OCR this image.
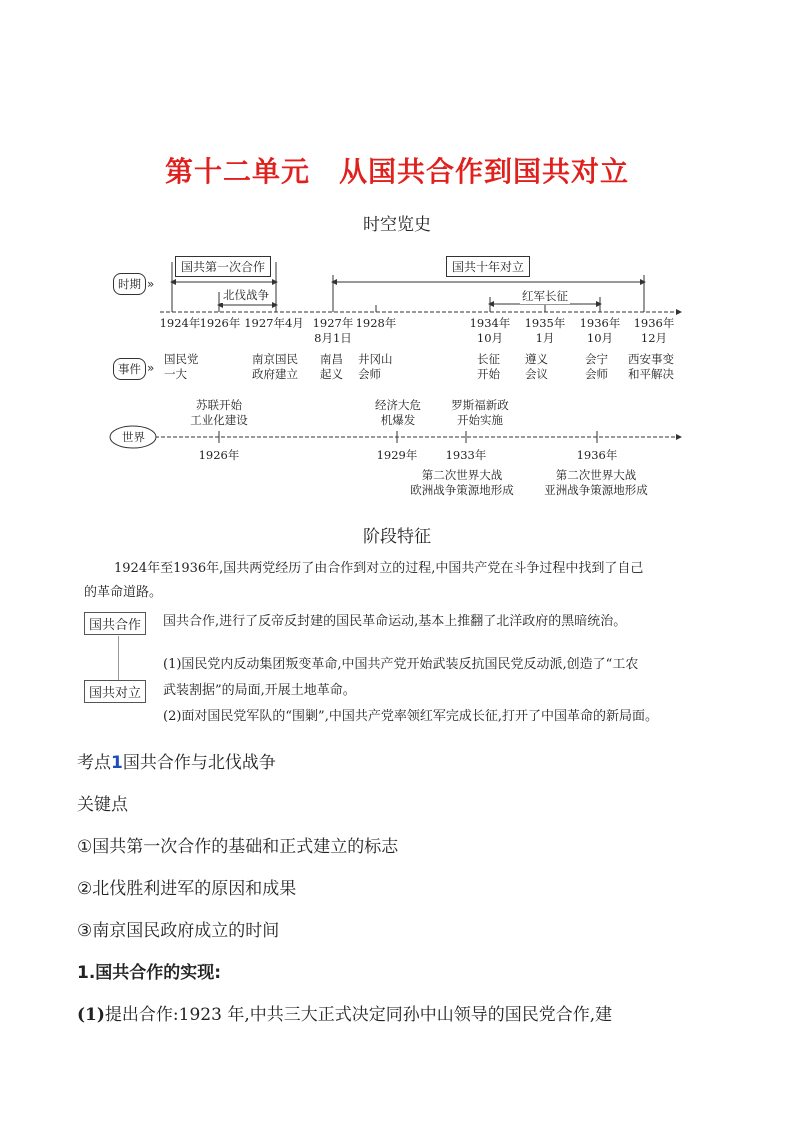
第十二单元　从国共合作到国共对立
时空览史
»
»
时期
事件
世界
国共第一次合作
北伐战争
国共十年对立
红军长征
1924年 1926年 1927年4月 1927年
8月1日
1928年	1934年
10月
1935年
1月
1936年
10月
1936年
12月
国民党
一大
南京国民
政府建立
南昌
起义
井冈山
会师
长征
开始
遵义
会议
会宁
会师
西安事变
和平解决
苏联开始
工业化建设
经济大危
机爆发
罗斯福新政
开始实施
1926年	1929年 1933年	1936年
第二次世界大战
欧洲战争策源地形成
第二次世界大战
亚洲战争策源地形成
阶段特征
1924年至1936年,国共两党经历了由合作到对立的过程,中国共产党在斗争过程中找到了自己
的革命道路。
国共合作	国共合作,进行了反帝反封建的国民革命运动,基本上推翻了北洋政府的黑暗统治。
国共对立
(1)国民党内反动集团叛变革命,中国共产党开始武装反抗国民党反动派,创造了“工农
武装割据”的局面,开展土地革命。
(2)面对国民党军队的“围剿”,中国共产党率领红军完成长征,打开了中国革命的新局面。
考点1国共合作与北伐战争
关键点
①国共第一次合作的基础和正式建立的标志
②北伐胜利进军的原因和成果
③南京国民政府成立的时间
1.国共合作的实现:
(1)提出合作:1923 年,中共三大正式决定同孙中山领导的国民党合作,建
